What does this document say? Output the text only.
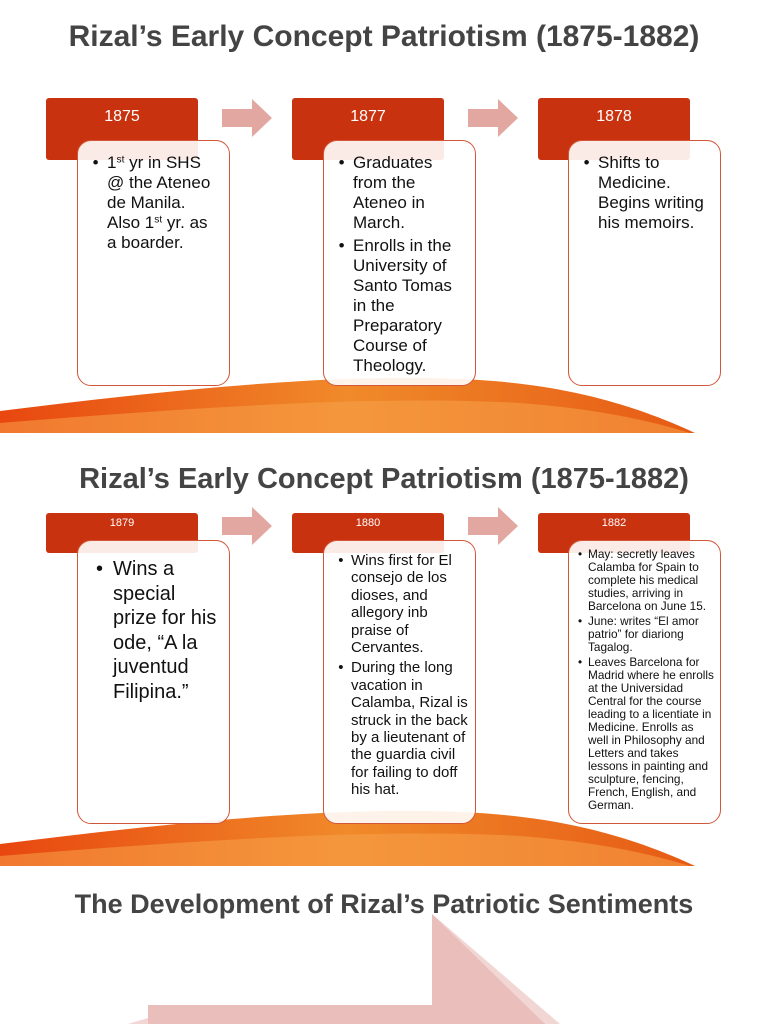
Rizal’s Early Concept Patriotism (1875-1882)
1875	1877	1878
• 1st yr in SHS @ the Ateneo de Manila. Also 1st yr. as a boarder.
• Graduates from the Ateneo in March.
• Enrolls in the University of Santo Tomas in the Preparatory Course of Theology.
• Shifts to Medicine. Begins writing his memoirs.
Rizal’s Early Concept Patriotism (1875-1882)
1879	1880	1882
• Wins a special prize for his ode, “A la juventud Filipina.”
• Wins first for El consejo de los dioses, and allegory inb praise of Cervantes.
• During the long vacation in Calamba, Rizal is struck in the back by a lieutenant of the guardia civil for failing to doff his hat.
• May: secretly leaves Calamba for Spain to complete his medical studies, arriving in Barcelona on June 15.
• June: writes “El amor patrio” for diariong Tagalog.
• Leaves Barcelona for Madrid where he enrolls at the Universidad Central for the course leading to a licentiate in Medicine. Enrolls as well in Philosophy and Letters and takes lessons in painting and sculpture, fencing, French, English, and German.
The Development of Rizal’s Patriotic Sentiments
